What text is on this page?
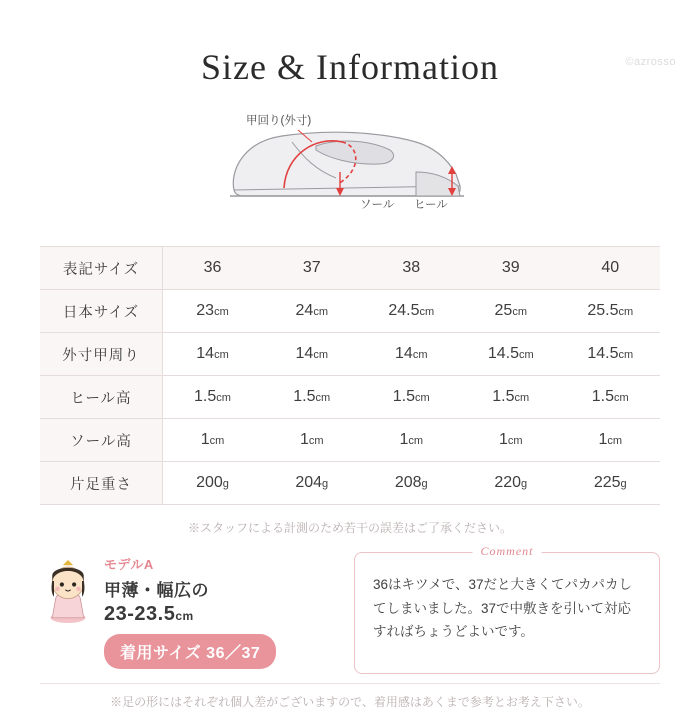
Size & Information	©azrosso
甲回り(外寸)
ソール ヒール
表記サイズ	36	37	38	39	40
日本サイズ	23cm	24cm	24.5cm	25cm	25.5cm
外寸甲周り	14cm	14cm	14cm	14.5cm	14.5cm
ヒール高	1.5cm	1.5cm	1.5cm	1.5cm	1.5cm
ソール高	1cm	1cm	1cm	1cm	1cm
片足重さ	200g	204g	208g	220g	225g
※スタッフによる計測のため若干の誤差はご了承ください。
モデルA
甲薄・幅広の
23-23.5cm
着用サイズ 36／37
Comment
36はキツメで、37だと大きくてパカパカしてしまいました。37で中敷きを引いて対応すればちょうどよいです。
※足の形にはそれぞれ個人差がございますので、着用感はあくまで参考とお考え下さい。
